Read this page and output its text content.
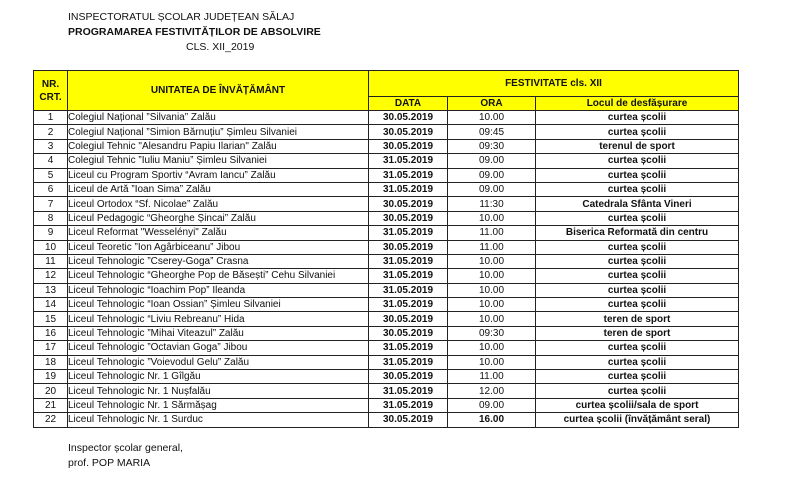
INSPECTORATUL ȘCOLAR JUDEȚEAN SĂLAJ
PROGRAMAREA FESTIVITĂȚILOR DE ABSOLVIRE
CLS. XII_2019
NR.
CRT.	UNITATEA DE ÎNVĂȚĂMÂNT	FESTIVITATE cls. XII		
		DATA	ORA	Locul de desfășurare
1	Colegiul Național ”Silvania” Zalău	30.05.2019	10.00	curtea școlii
2	Colegiul Național ”Simion Bărnuțiu” Șimleu Silvaniei	30.05.2019	09:45	curtea școlii
3	Colegiul Tehnic "Alesandru Papiu Ilarian" Zalău	30.05.2019	09:30	terenul de sport
4	Colegiul Tehnic ”Iuliu Maniu” Șimleu Silvaniei	31.05.2019	09.00	curtea școlii
5	Liceul cu Program Sportiv “Avram Iancu” Zalău	31.05.2019	09.00	curtea școlii
6	Liceul de Artă ”Ioan Sima” Zalău	31.05.2019	09.00	curtea școlii
7	Liceul Ortodox “Sf. Nicolae” Zalău	30.05.2019	11:30	Catedrala Sfânta Vineri
8	Liceul Pedagogic “Gheorghe Șincai” Zalău	30.05.2019	10.00	curtea școlii
9	Liceul Reformat "Wesselényi" Zalău	31.05.2019	11.00	Biserica Reformată din centru
10	Liceul Teoretic ”Ion Agârbiceanu” Jibou	30.05.2019	11.00	curtea școlii
11	Liceul Tehnologic ”Cserey-Goga” Crasna	31.05.2019	10.00	curtea școlii
12	Liceul Tehnologic “Gheorghe Pop de Băsești” Cehu Silvaniei	31.05.2019	10.00	curtea școlii
13	Liceul Tehnologic “Ioachim Pop” Ileanda	31.05.2019	10.00	curtea școlii
14	Liceul Tehnologic “Ioan Ossian” Șimleu Silvaniei	31.05.2019	10.00	curtea școlii
15	Liceul Tehnologic “Liviu Rebreanu” Hida	30.05.2019	10.00	teren de sport
16	Liceul Tehnologic ”Mihai Viteazul” Zalău	30.05.2019	09:30	teren de sport
17	Liceul Tehnologic ”Octavian Goga” Jibou	31.05.2019	10.00	curtea școlii
18	Liceul Tehnologic ”Voievodul Gelu” Zalău	31.05.2019	10.00	curtea școlii
19	Liceul Tehnologic Nr. 1 Gîlgău	30.05.2019	11.00	curtea școlii
20	Liceul Tehnologic Nr. 1 Nușfalău	31.05.2019	12.00	curtea școlii
21	Liceul Tehnologic Nr. 1 Sărmășag	31.05.2019	09.00	curtea școlii/sala de sport
22	Liceul Tehnologic Nr. 1 Surduc	30.05.2019	16.00	curtea școlii (învățământ seral)
Inspector școlar general,
prof. POP MARIA
